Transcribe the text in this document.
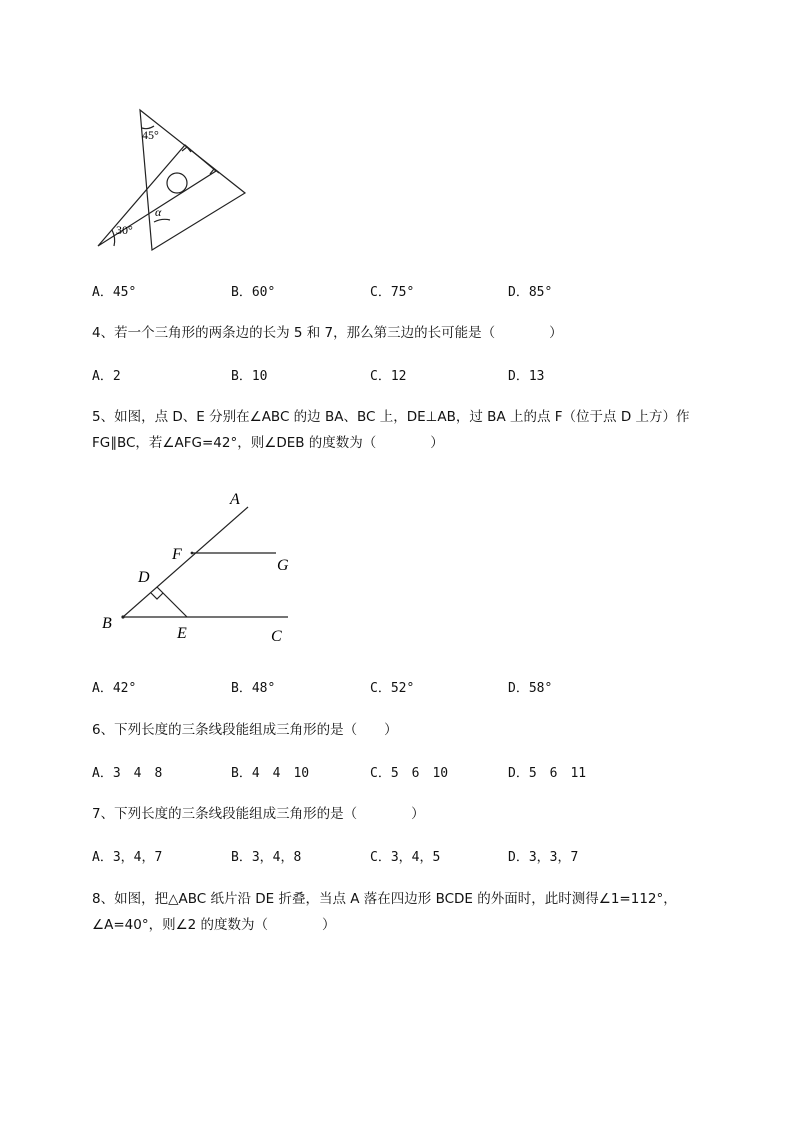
45°
30°
α
A．45°	B．60°	C．75°	D．85°
4、若一个三角形的两条边的长为 5 和 7，那么第三边的长可能是（　　　　）
A．2	B．10	C．12	D．13
5、如图，点 D、E 分别在∠ABC 的边 BA、BC 上，DE⊥AB，过 BA 上的点 F（位于点 D 上方）作
FG∥BC，若∠AFG=42°，则∠DEB 的度数为（　　　　）
A
F
G
D
B
E	C
A．42°	B．48°	C．52°	D．58°
6、下列长度的三条线段能组成三角形的是（　　）
A．3　4　8	B．4　4　10	C．5　6　10	D．5　6　11
7、下列长度的三条线段能组成三角形的是（　　　　）
A．3，4，7	B．3，4，8	C．3，4，5	D．3，3，7
8、如图，把△ABC 纸片沿 DE 折叠，当点 A 落在四边形 BCDE 的外面时，此时测得∠1=112°，
∠A=40°，则∠2 的度数为（　　　　）
